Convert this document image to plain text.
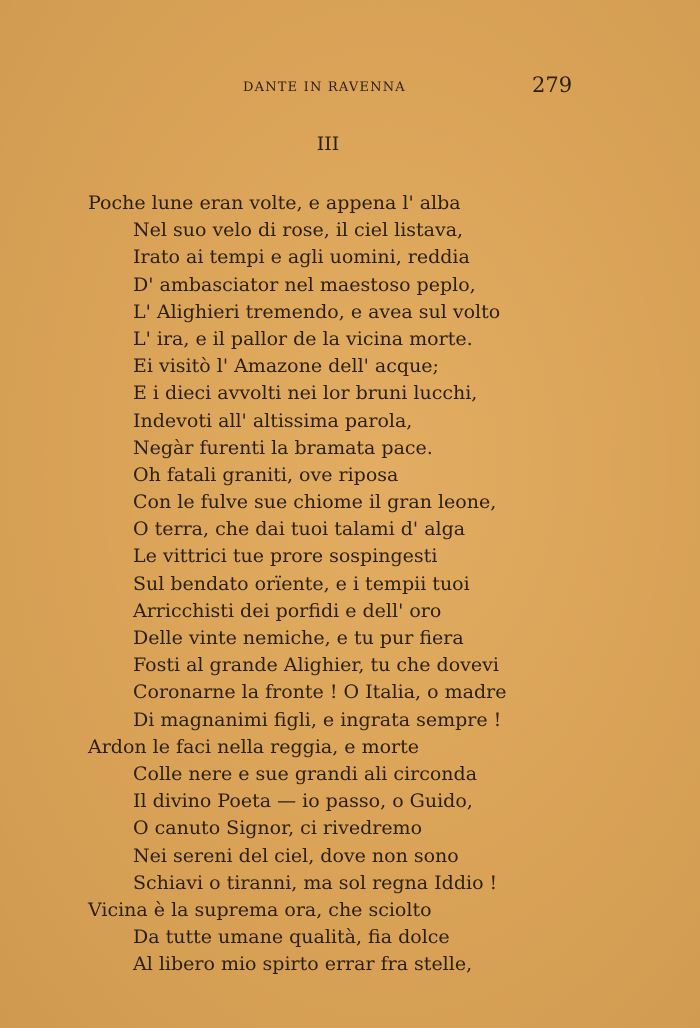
DANTE IN RAVENNA	279
III
Poche lune eran volte, e appena l' alba
Nel suo velo di rose, il ciel listava,
Irato ai tempi e agli uomini, reddia
D' ambasciator nel maestoso peplo,
L' Alighieri tremendo, e avea sul volto
L' ira, e il pallor de la vicina morte.
Ei visitò l' Amazone dell' acque;
E i dieci avvolti nei lor bruni lucchi,
Indevoti all' altissima parola,
Negàr furenti la bramata pace.
Oh fatali graniti, ove riposa
Con le fulve sue chiome il gran leone,
O terra, che dai tuoi talami d' alga
Le vittrici tue prore sospingesti
Sul bendato orïente, e i tempii tuoi
Arricchisti dei porfidi e dell' oro
Delle vinte nemiche, e tu pur fiera
Fosti al grande Alighier, tu che dovevi
Coronarne la fronte ! O Italia, o madre
Di magnanimi figli, e ingrata sempre !
Ardon le faci nella reggia, e morte
Colle nere e sue grandi ali circonda
Il divino Poeta — io passo, o Guido,
O canuto Signor, ci rivedremo
Nei sereni del ciel, dove non sono
Schiavi o tiranni, ma sol regna Iddio !
Vicina è la suprema ora, che sciolto
Da tutte umane qualità, fia dolce
Al libero mio spirto errar fra stelle,
